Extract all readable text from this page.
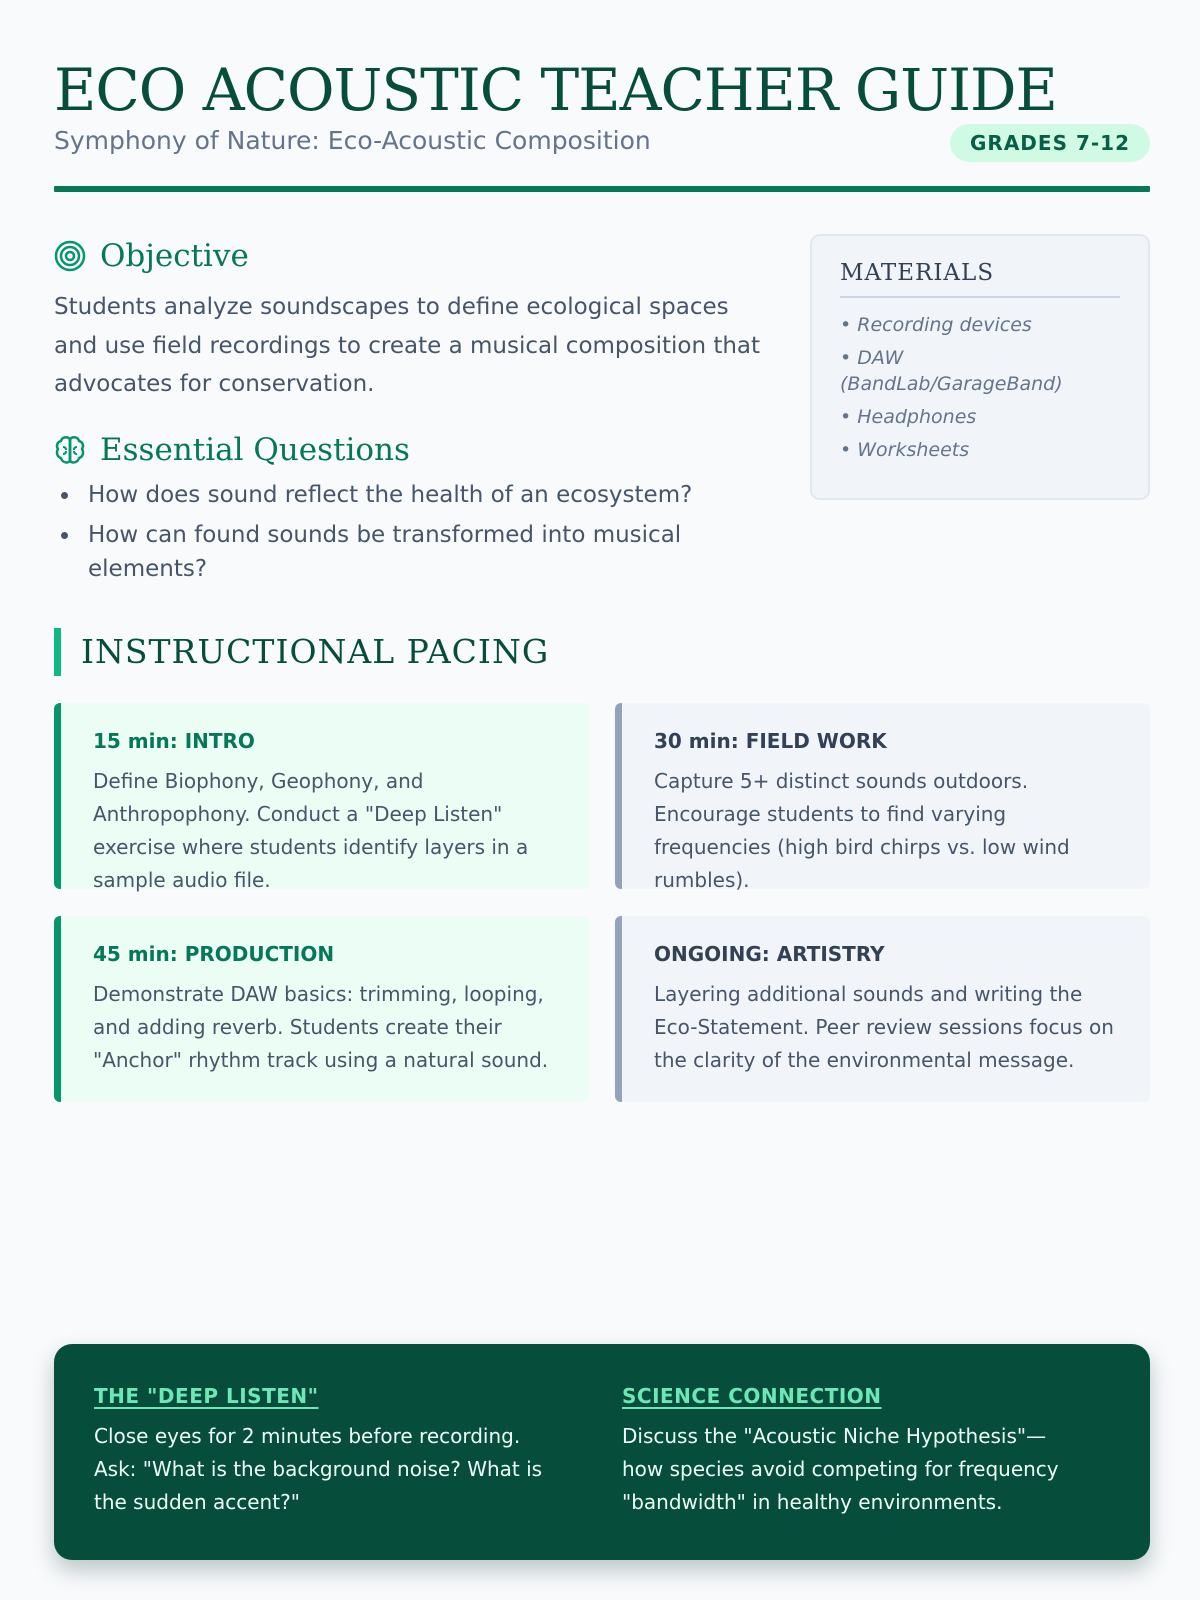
ECO ACOUSTIC TEACHER GUIDE
Symphony of Nature: Eco-Acoustic Composition	GRADES 7-12
Objective

Students analyze soundscapes to define ecological spaces and use field recordings to create a musical composition that advocates for conservation.

Essential Questions
How does sound reflect the health of an ecosystem?
How can found sounds be transformed into musical elements?
MATERIALS
• Recording devices
• DAW (BandLab/GarageBand)
• Headphones
• Worksheets
INSTRUCTIONAL PACING
15 min: INTRO
Define Biophony, Geophony, and Anthropophony. Conduct a "Deep Listen" exercise where students identify layers in a sample audio file.
30 min: FIELD WORK
Capture 5+ distinct sounds outdoors. Encourage students to find varying frequencies (high bird chirps vs. low wind rumbles).
45 min: PRODUCTION
Demonstrate DAW basics: trimming, looping, and adding reverb. Students create their "Anchor" rhythm track using a natural sound.
ONGOING: ARTISTRY
Layering additional sounds and writing the Eco-Statement. Peer review sessions focus on the clarity of the environmental message.
THE "DEEP LISTEN"
Close eyes for 2 minutes before recording. Ask: "What is the background noise? What is the sudden accent?"
SCIENCE CONNECTION
Discuss the "Acoustic Niche Hypothesis"—how species avoid competing for frequency "bandwidth" in healthy environments.
